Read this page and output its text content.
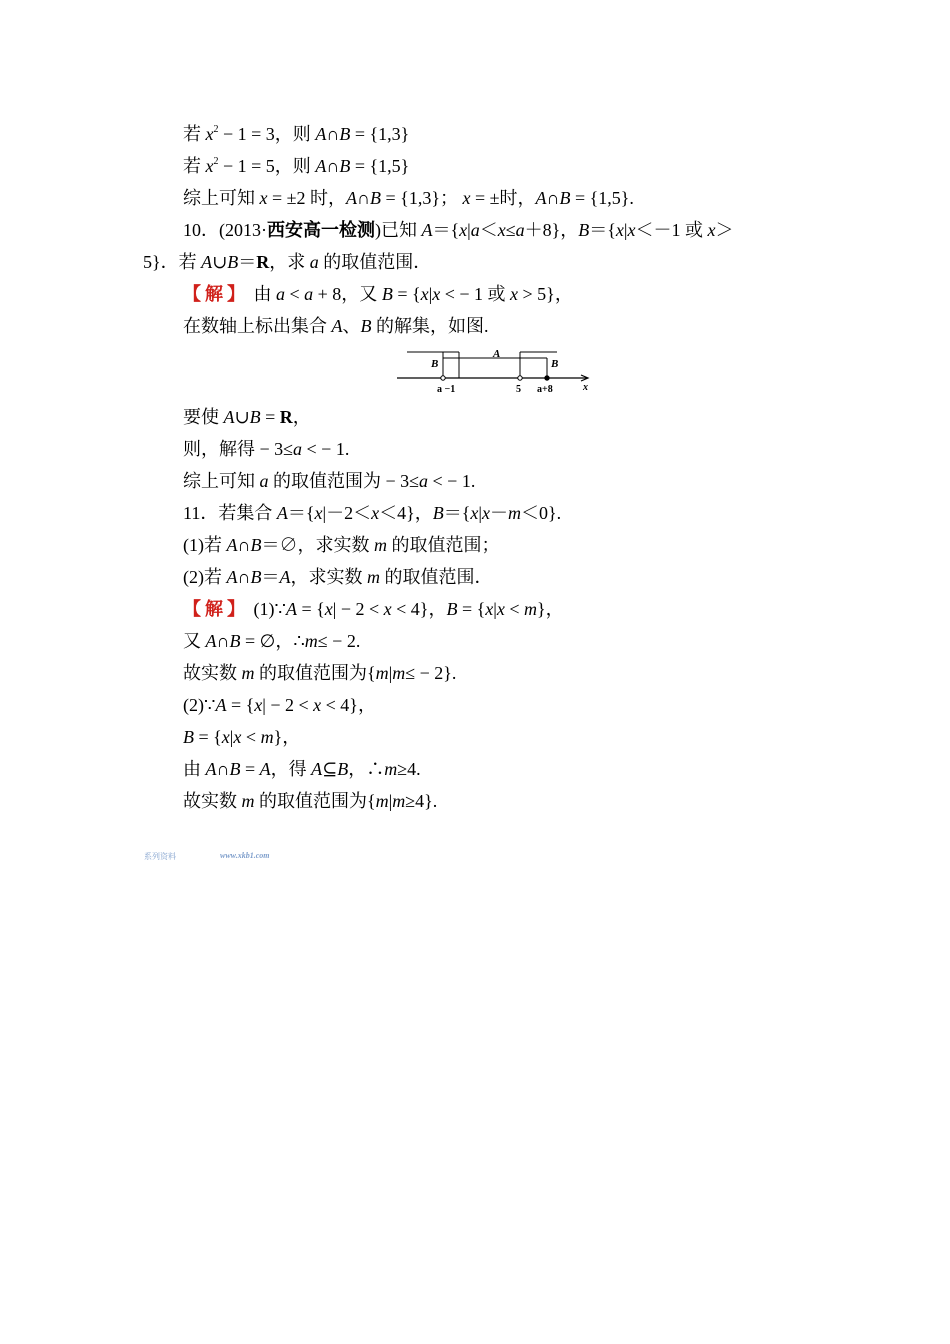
若 $x^2 - 1 = 3$，则 A∩B = {1,3}
若 $x^2 - 1 = 5$，则 A∩B = {1,5}
综上可知 x = ±2 时，A∩B = {1,3}； x = ±时，A∩B = {1,5}.
10．(2013·西安高一检测)已知 A＝{x|a＜x≤a＋8}，B＝{x|x＜－1 或 x＞
5}．若 A∪B＝R，求 a 的取值范围．
【解】 由 a < a + 8，又 B = {x|x < − 1 或 x > 5}，
在数轴上标出集合 A、B 的解集，如图.
B
A
B
a −1	5 a+8	x
要使 A∪B = R，
则，解得 − 3≤a < − 1.
综上可知 a 的取值范围为 − 3≤a < − 1.
11．若集合 A＝{x|－2＜x＜4}，B＝{x|x－m＜0}.
(1)若 A∩B＝∅，求实数 m 的取值范围；
(2)若 A∩B＝A，求实数 m 的取值范围．
【解】 (1)∵A = {x| − 2 < x < 4}，B = {x|x < m}，
又 A∩B = ∅，∴m≤ − 2.
故实数 m 的取值范围为{m|m≤ − 2}.
(2)∵A = {x| − 2 < x < 4}，
B = {x|x < m}，
由 A∩B = A，得 A⊆B，∴m≥4.
故实数 m 的取值范围为{m|m≥4}.
系列资料	www.xkb1.com
